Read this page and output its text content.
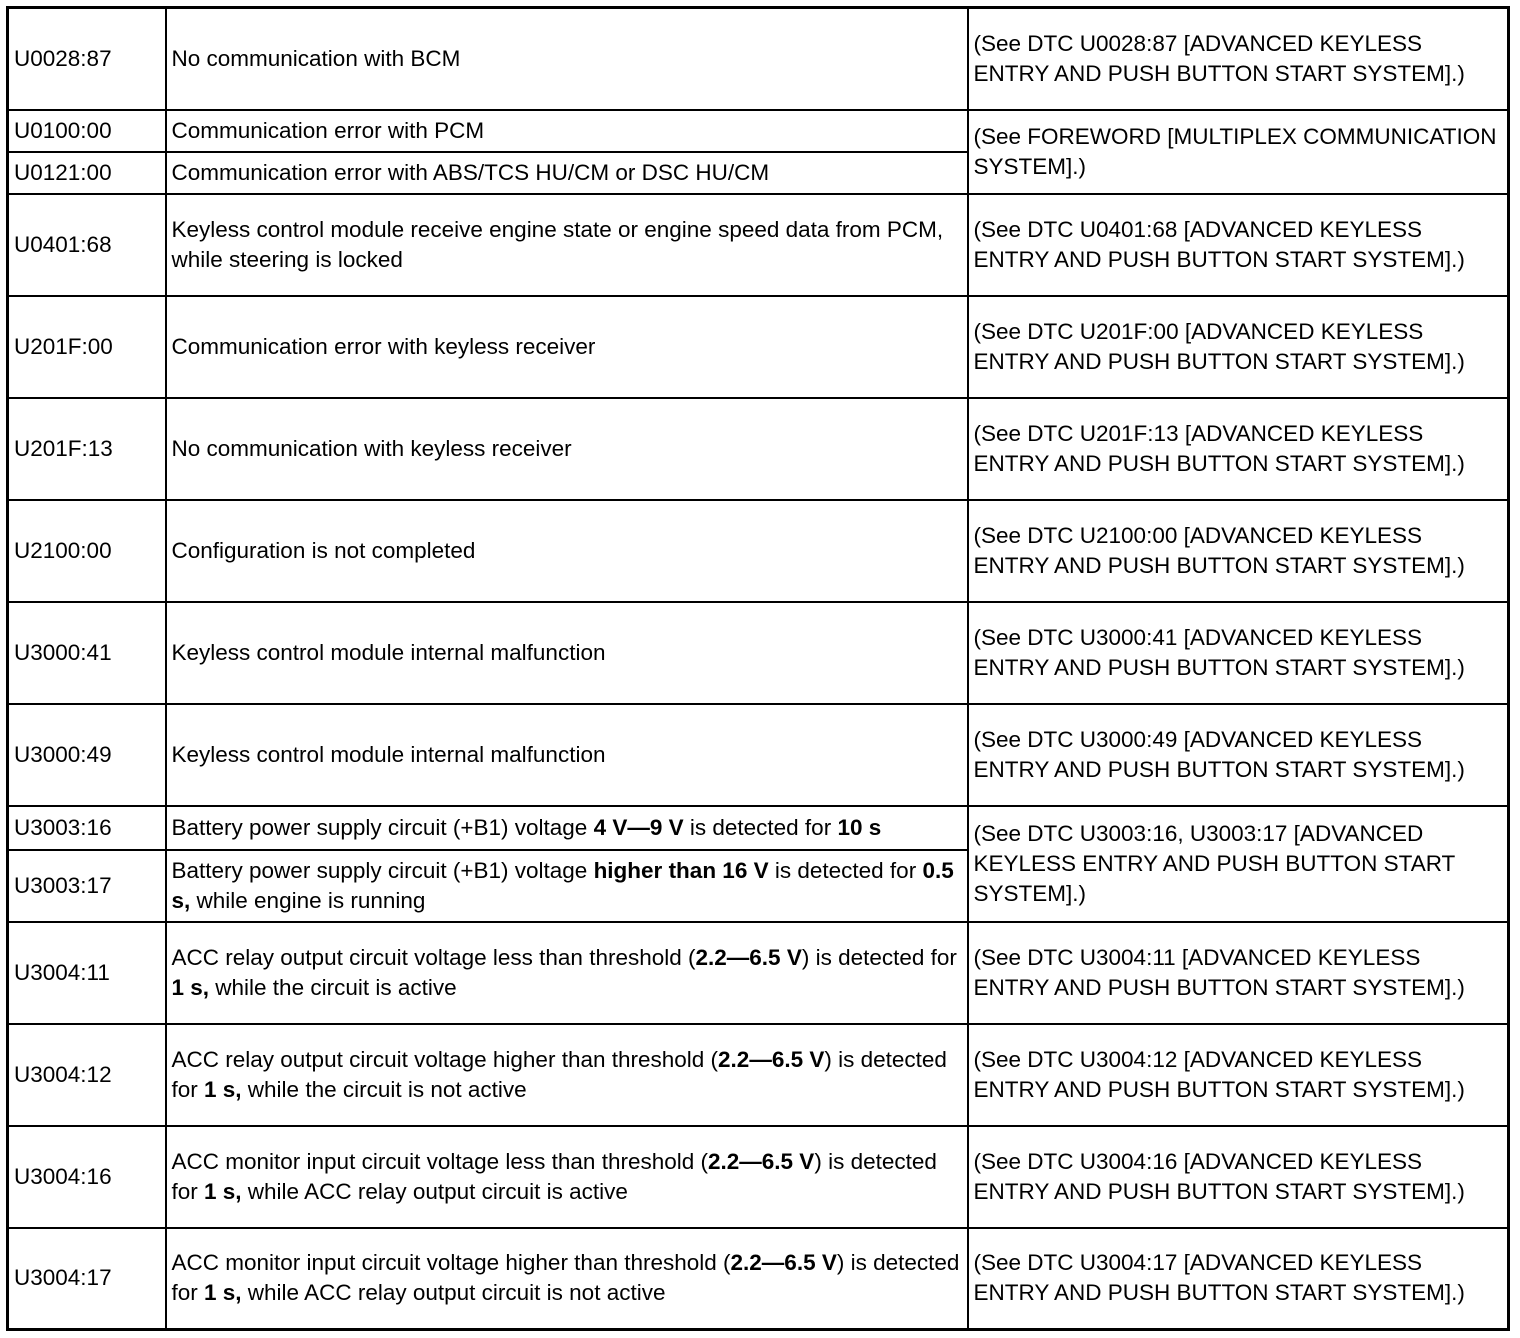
U0028:87	No communication with BCM	(See DTC U0028:87 [ADVANCED KEYLESS ENTRY AND PUSH BUTTON START SYSTEM].)
U0100:00	Communication error with PCM	(See FOREWORD [MULTIPLEX COMMUNICATION SYSTEM].)
U0121:00	Communication error with ABS/TCS HU/CM or DSC HU/CM	
U0401:68	Keyless control module receive engine state or engine speed data from PCM, while steering is locked	(See DTC U0401:68 [ADVANCED KEYLESS ENTRY AND PUSH BUTTON START SYSTEM].)
U201F:00	Communication error with keyless receiver	(See DTC U201F:00 [ADVANCED KEYLESS ENTRY AND PUSH BUTTON START SYSTEM].)
U201F:13	No communication with keyless receiver	(See DTC U201F:13 [ADVANCED KEYLESS ENTRY AND PUSH BUTTON START SYSTEM].)
U2100:00	Configuration is not completed	(See DTC U2100:00 [ADVANCED KEYLESS ENTRY AND PUSH BUTTON START SYSTEM].)
U3000:41	Keyless control module internal malfunction	(See DTC U3000:41 [ADVANCED KEYLESS ENTRY AND PUSH BUTTON START SYSTEM].)
U3000:49	Keyless control module internal malfunction	(See DTC U3000:49 [ADVANCED KEYLESS ENTRY AND PUSH BUTTON START SYSTEM].)
U3003:16	Battery power supply circuit (+B1) voltage 4 V—9 V is detected for 10 s	(See DTC U3003:16, U3003:17 [ADVANCED KEYLESS ENTRY AND PUSH BUTTON START SYSTEM].)
U3003:17	Battery power supply circuit (+B1) voltage higher than 16 V is detected for 0.5 s, while engine is running	
U3004:11	ACC relay output circuit voltage less than threshold (2.2—6.5 V) is detected for 1 s, while the circuit is active	(See DTC U3004:11 [ADVANCED KEYLESS ENTRY AND PUSH BUTTON START SYSTEM].)
U3004:12	ACC relay output circuit voltage higher than threshold (2.2—6.5 V) is detected for 1 s, while the circuit is not active	(See DTC U3004:12 [ADVANCED KEYLESS ENTRY AND PUSH BUTTON START SYSTEM].)
U3004:16	ACC monitor input circuit voltage less than threshold (2.2—6.5 V) is detected for 1 s, while ACC relay output circuit is active	(See DTC U3004:16 [ADVANCED KEYLESS ENTRY AND PUSH BUTTON START SYSTEM].)
U3004:17	ACC monitor input circuit voltage higher than threshold (2.2—6.5 V) is detected for 1 s, while ACC relay output circuit is not active	(See DTC U3004:17 [ADVANCED KEYLESS ENTRY AND PUSH BUTTON START SYSTEM].)
